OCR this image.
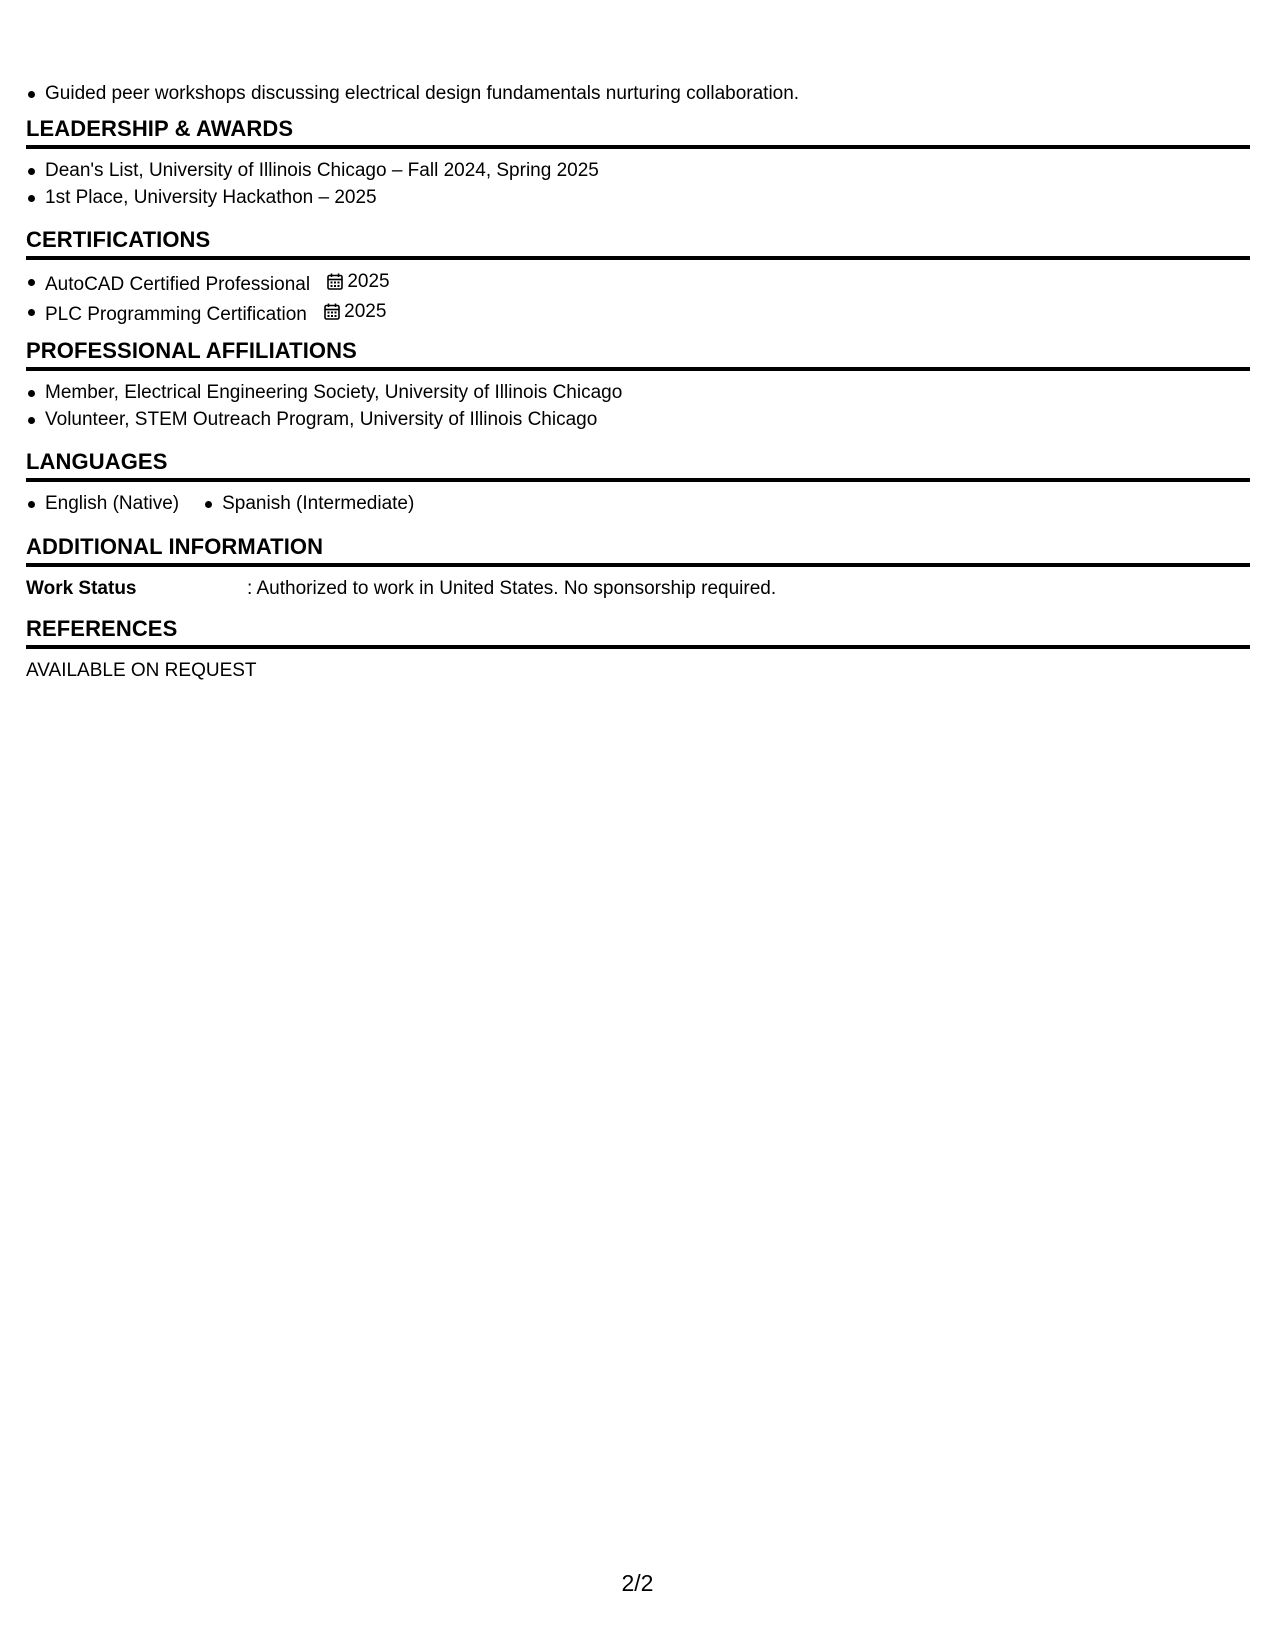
Guided peer workshops discussing electrical design fundamentals nurturing collaboration.
LEADERSHIP & AWARDS
Dean's List, University of Illinois Chicago – Fall 2024, Spring 2025
1st Place, University Hackathon – 2025
CERTIFICATIONS
AutoCAD Certified Professional 2025
PLC Programming Certification 2025
PROFESSIONAL AFFILIATIONS
Member, Electrical Engineering Society, University of Illinois Chicago
Volunteer, STEM Outreach Program, University of Illinois Chicago
LANGUAGES
English (Native)	Spanish (Intermediate)
ADDITIONAL INFORMATION
Work Status	: Authorized to work in United States. No sponsorship required.
REFERENCES
AVAILABLE ON REQUEST
2/2
